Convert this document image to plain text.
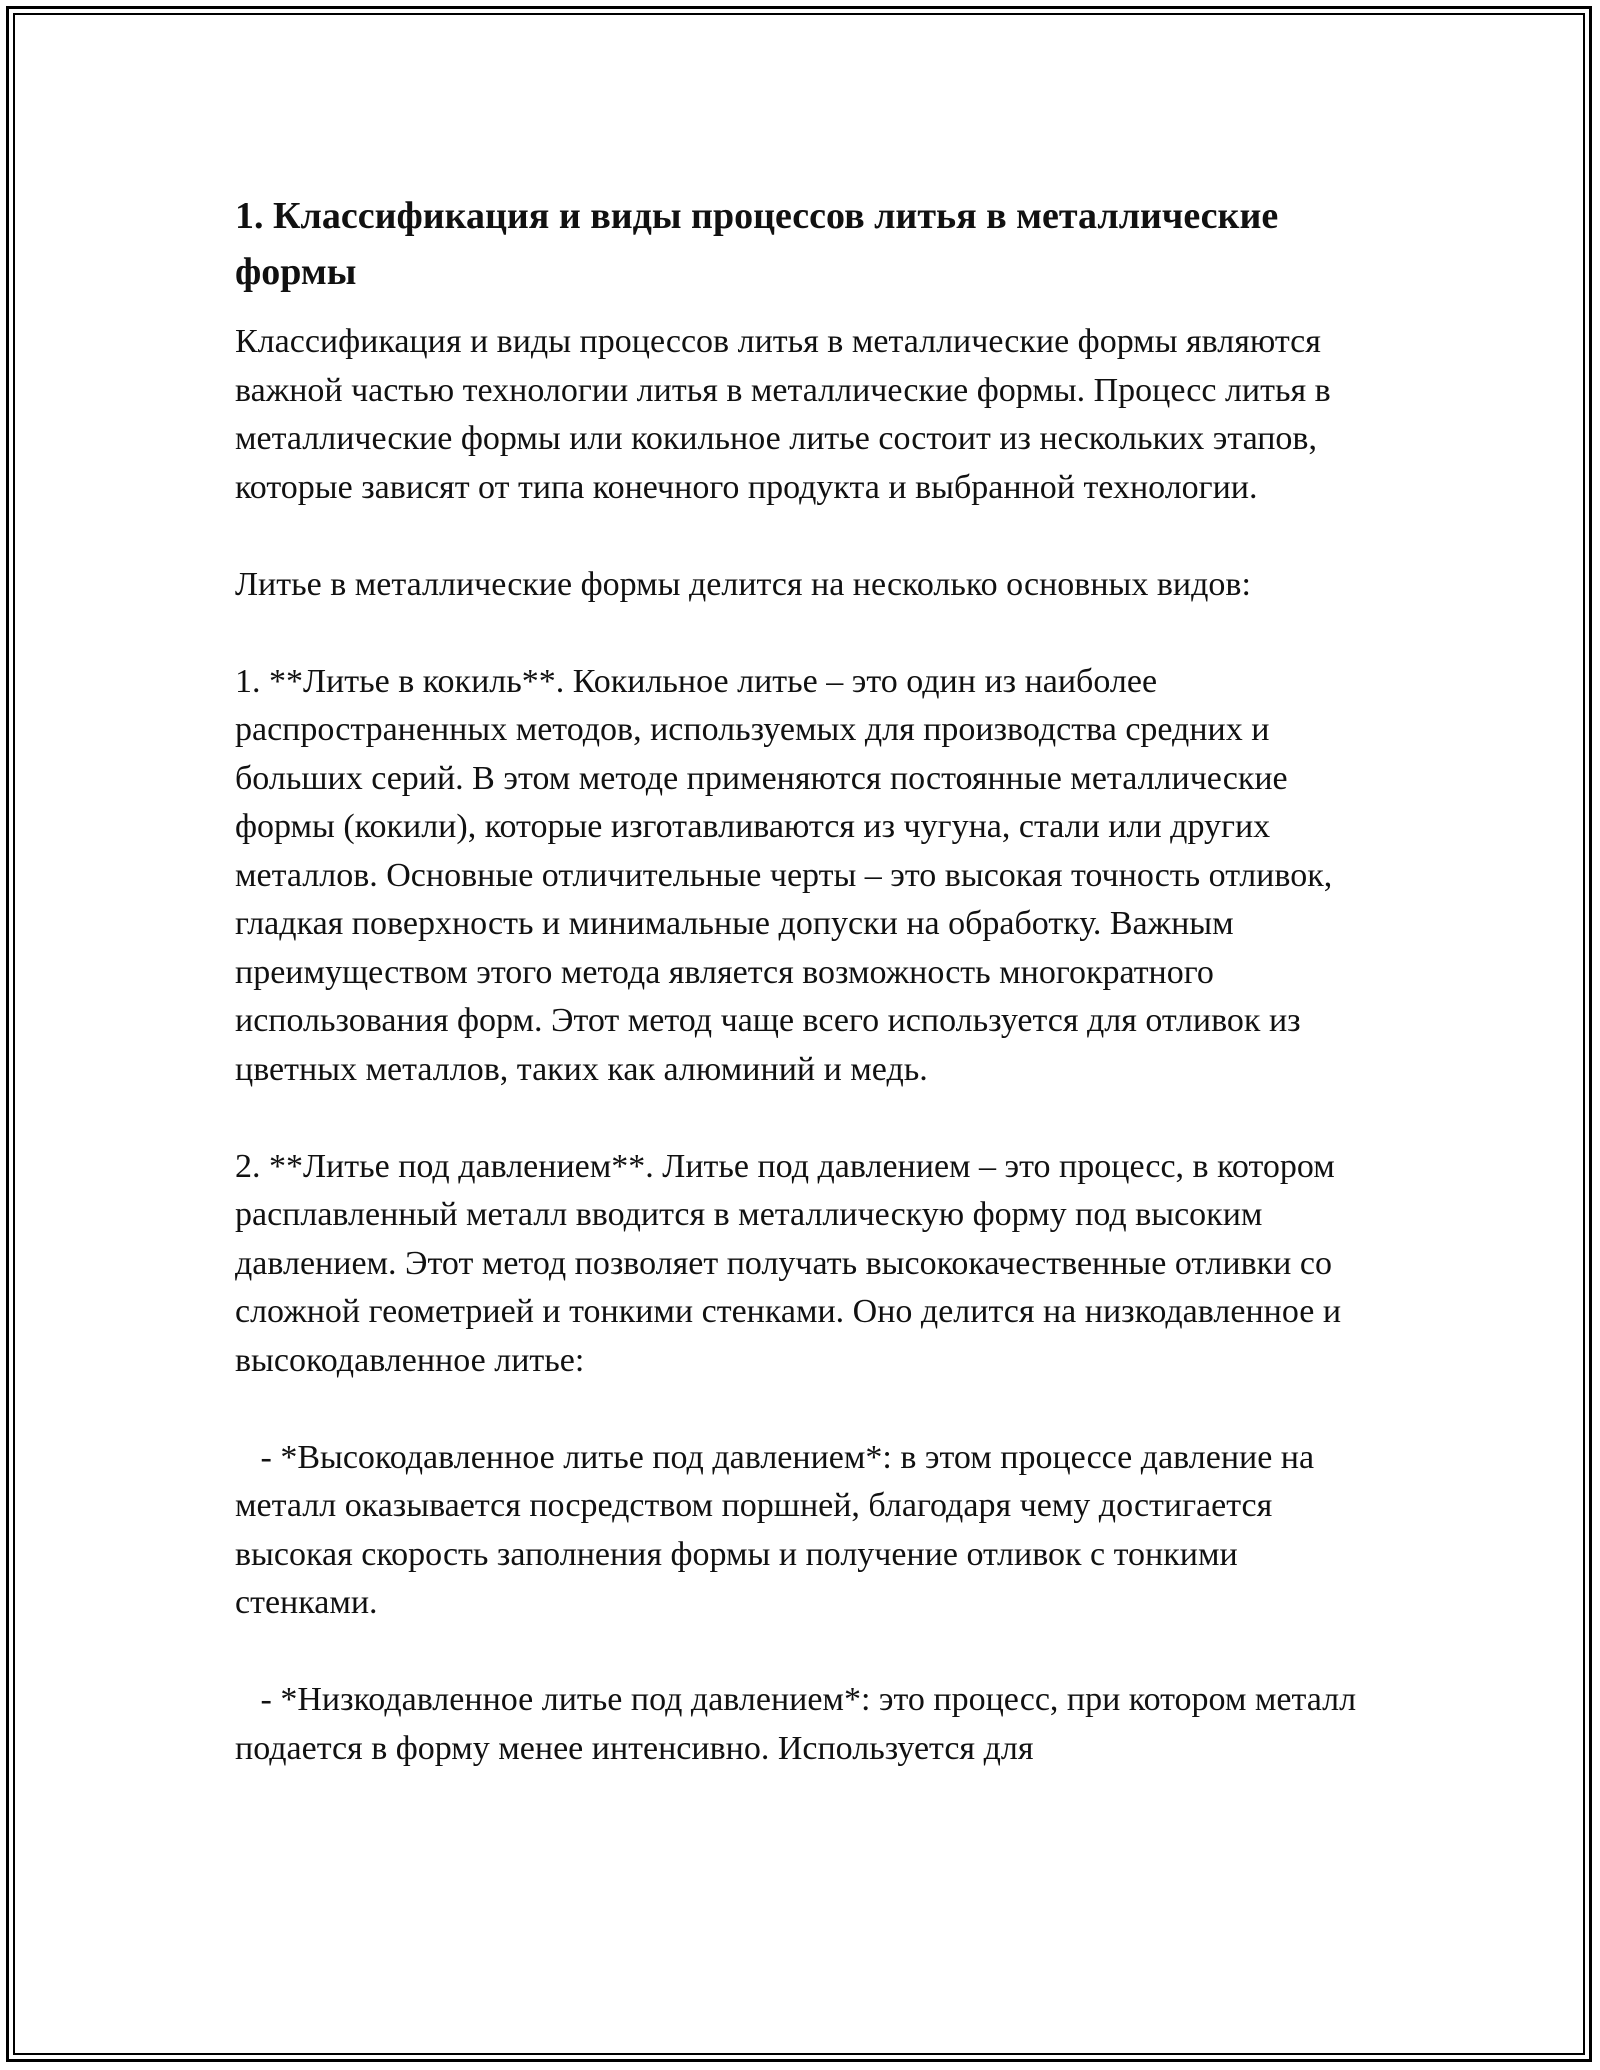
1. Классификация и виды процессов литья в металлические формы

Классификация и виды процессов литья в металлические формы являются важной частью технологии литья в металлические формы. Процесс литья в металлические формы или кокильное литье состоит из нескольких этапов, которые зависят от типа конечного продукта и выбранной технологии.

Литье в металлические формы делится на несколько основных видов:

1. **Литье в кокиль**. Кокильное литье – это один из наиболее распространенных методов, используемых для производства средних и больших серий. В этом методе применяются постоянные металлические формы (кокили), которые изготавливаются из чугуна, стали или других металлов. Основные отличительные черты – это высокая точность отливок, гладкая поверхность и минимальные допуски на обработку. Важным преимуществом этого метода является возможность многократного использования форм. Этот метод чаще всего используется для отливок из цветных металлов, таких как алюминий и медь.

2. **Литье под давлением**. Литье под давлением – это процесс, в котором расплавленный металл вводится в металлическую форму под высоким давлением. Этот метод позволяет получать высококачественные отливки со сложной геометрией и тонкими стенками. Оно делится на низкодавленное и высокодавленное литье:

- *Высокодавленное литье под давлением*: в этом процессе давление на металл оказывается посредством поршней, благодаря чему достигается высокая скорость заполнения формы и получение отливок с тонкими стенками.

- *Низкодавленное литье под давлением*: это процесс, при котором металл подается в форму менее интенсивно. Используется для
